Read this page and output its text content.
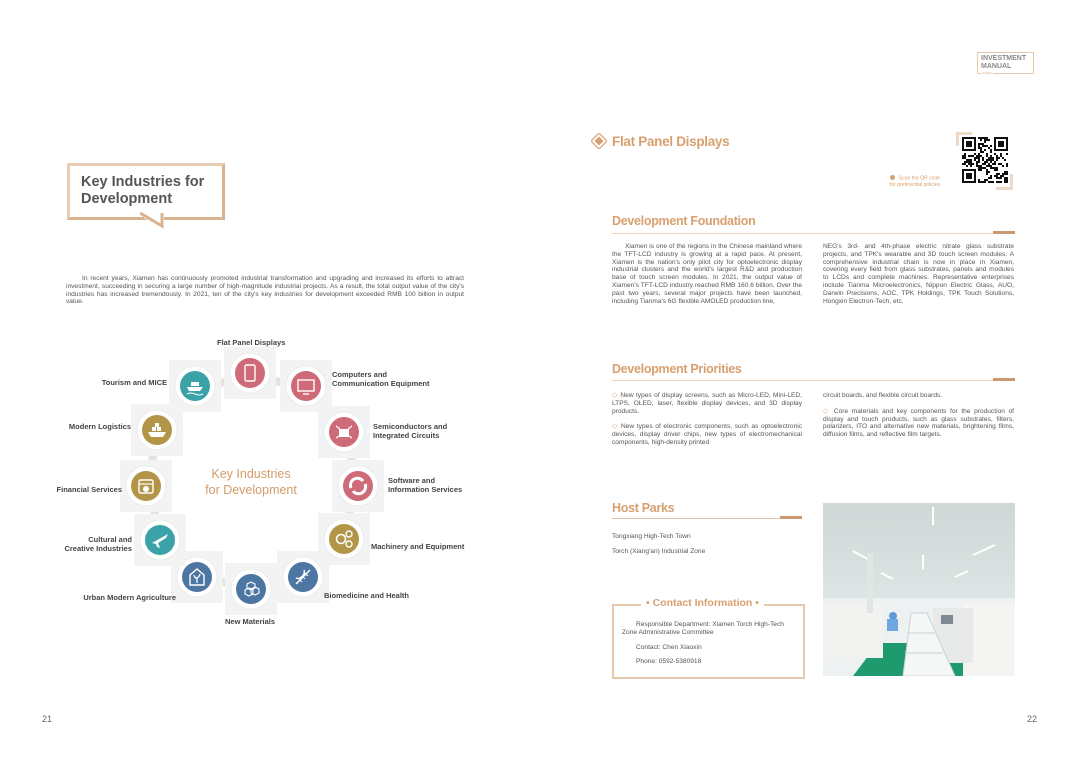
Key Industries for
Development
In recent years, Xiamen has continuously promoted industrial transformation and upgrading and increased its efforts to attract investment, succeeding in securing a large number of high-magnitude industrial projects. As a result, the total output value of the city's industries has increased tremendously. In 2021, ten of the city's key industries for development exceeded RMB 100 billion in output value.
Key Industries
for Development
Flat Panel Displays
Computers and
Communication Equipment
Semiconductors and
Integrated Circuits
Software and
Information Services
Machinery and Equipment
Biomedicine and Health
New Materials
Urban Modern Agriculture
Cultural and
Creative Industries
Financial Services
Modern Logistics
Tourism and MICE
21
INVESTMENT
MANUAL
XIAMEN
Flat Panel Displays
Scan the QR code
for preferential policies
Development Foundation
Xiamen is one of the regions in the Chinese mainland where the TFT-LCD industry is growing at a rapid pace. At present, Xiamen is the nation's only pilot city for optoelectronic display industrial clusters and the world's largest R&D and production base of touch screen modules. In 2021, the output value of Xiamen's TFT-LCD industry reached RMB 160.6 billion. Over the past two years, several major projects have been launched, including Tianma's 6G flexible AMOLED production line,
NEG's 3rd- and 4th-phase electric nitrate glass substrate projects, and TPK's wearable and 3D touch screen modules. A comprehensive industrial chain is now in place in Xiamen, covering every field from glass substrates, panels and modules to LCDs and complete machines. Representative enterprises include Tianma Microelectronics, Nippon Electric Glass, AUO, Darwin Precisions, AOC, TPK Holdings, TPK Touch Solutions, Hongxin Electron-Tech, etc.
Development Priorities
◇ New types of display screens, such as Micro-LED, Mini-LED, LTPS, OLED, laser, flexible display devices, and 3D display products.
◇ New types of electronic components, such as optoelectronic devices, display driver chips, new types of electromechanical components, high-density printed
circuit boards, and flexible circuit boards.
◇ Core materials and key components for the production of display and touch products, such as glass substrates, filters, polarizers, ITO and alternative new materials, brightening films, diffusion films, and reflective film targets.
Host Parks
Tongxiang High-Tech Town
Torch (Xiang'an) Industrial Zone
• Contact Information •
Responsible Department: Xiamen Torch High-Tech Zone Administrative Committee
Contact: Chen Xiaoxin
Phone: 0592-5380918
22
